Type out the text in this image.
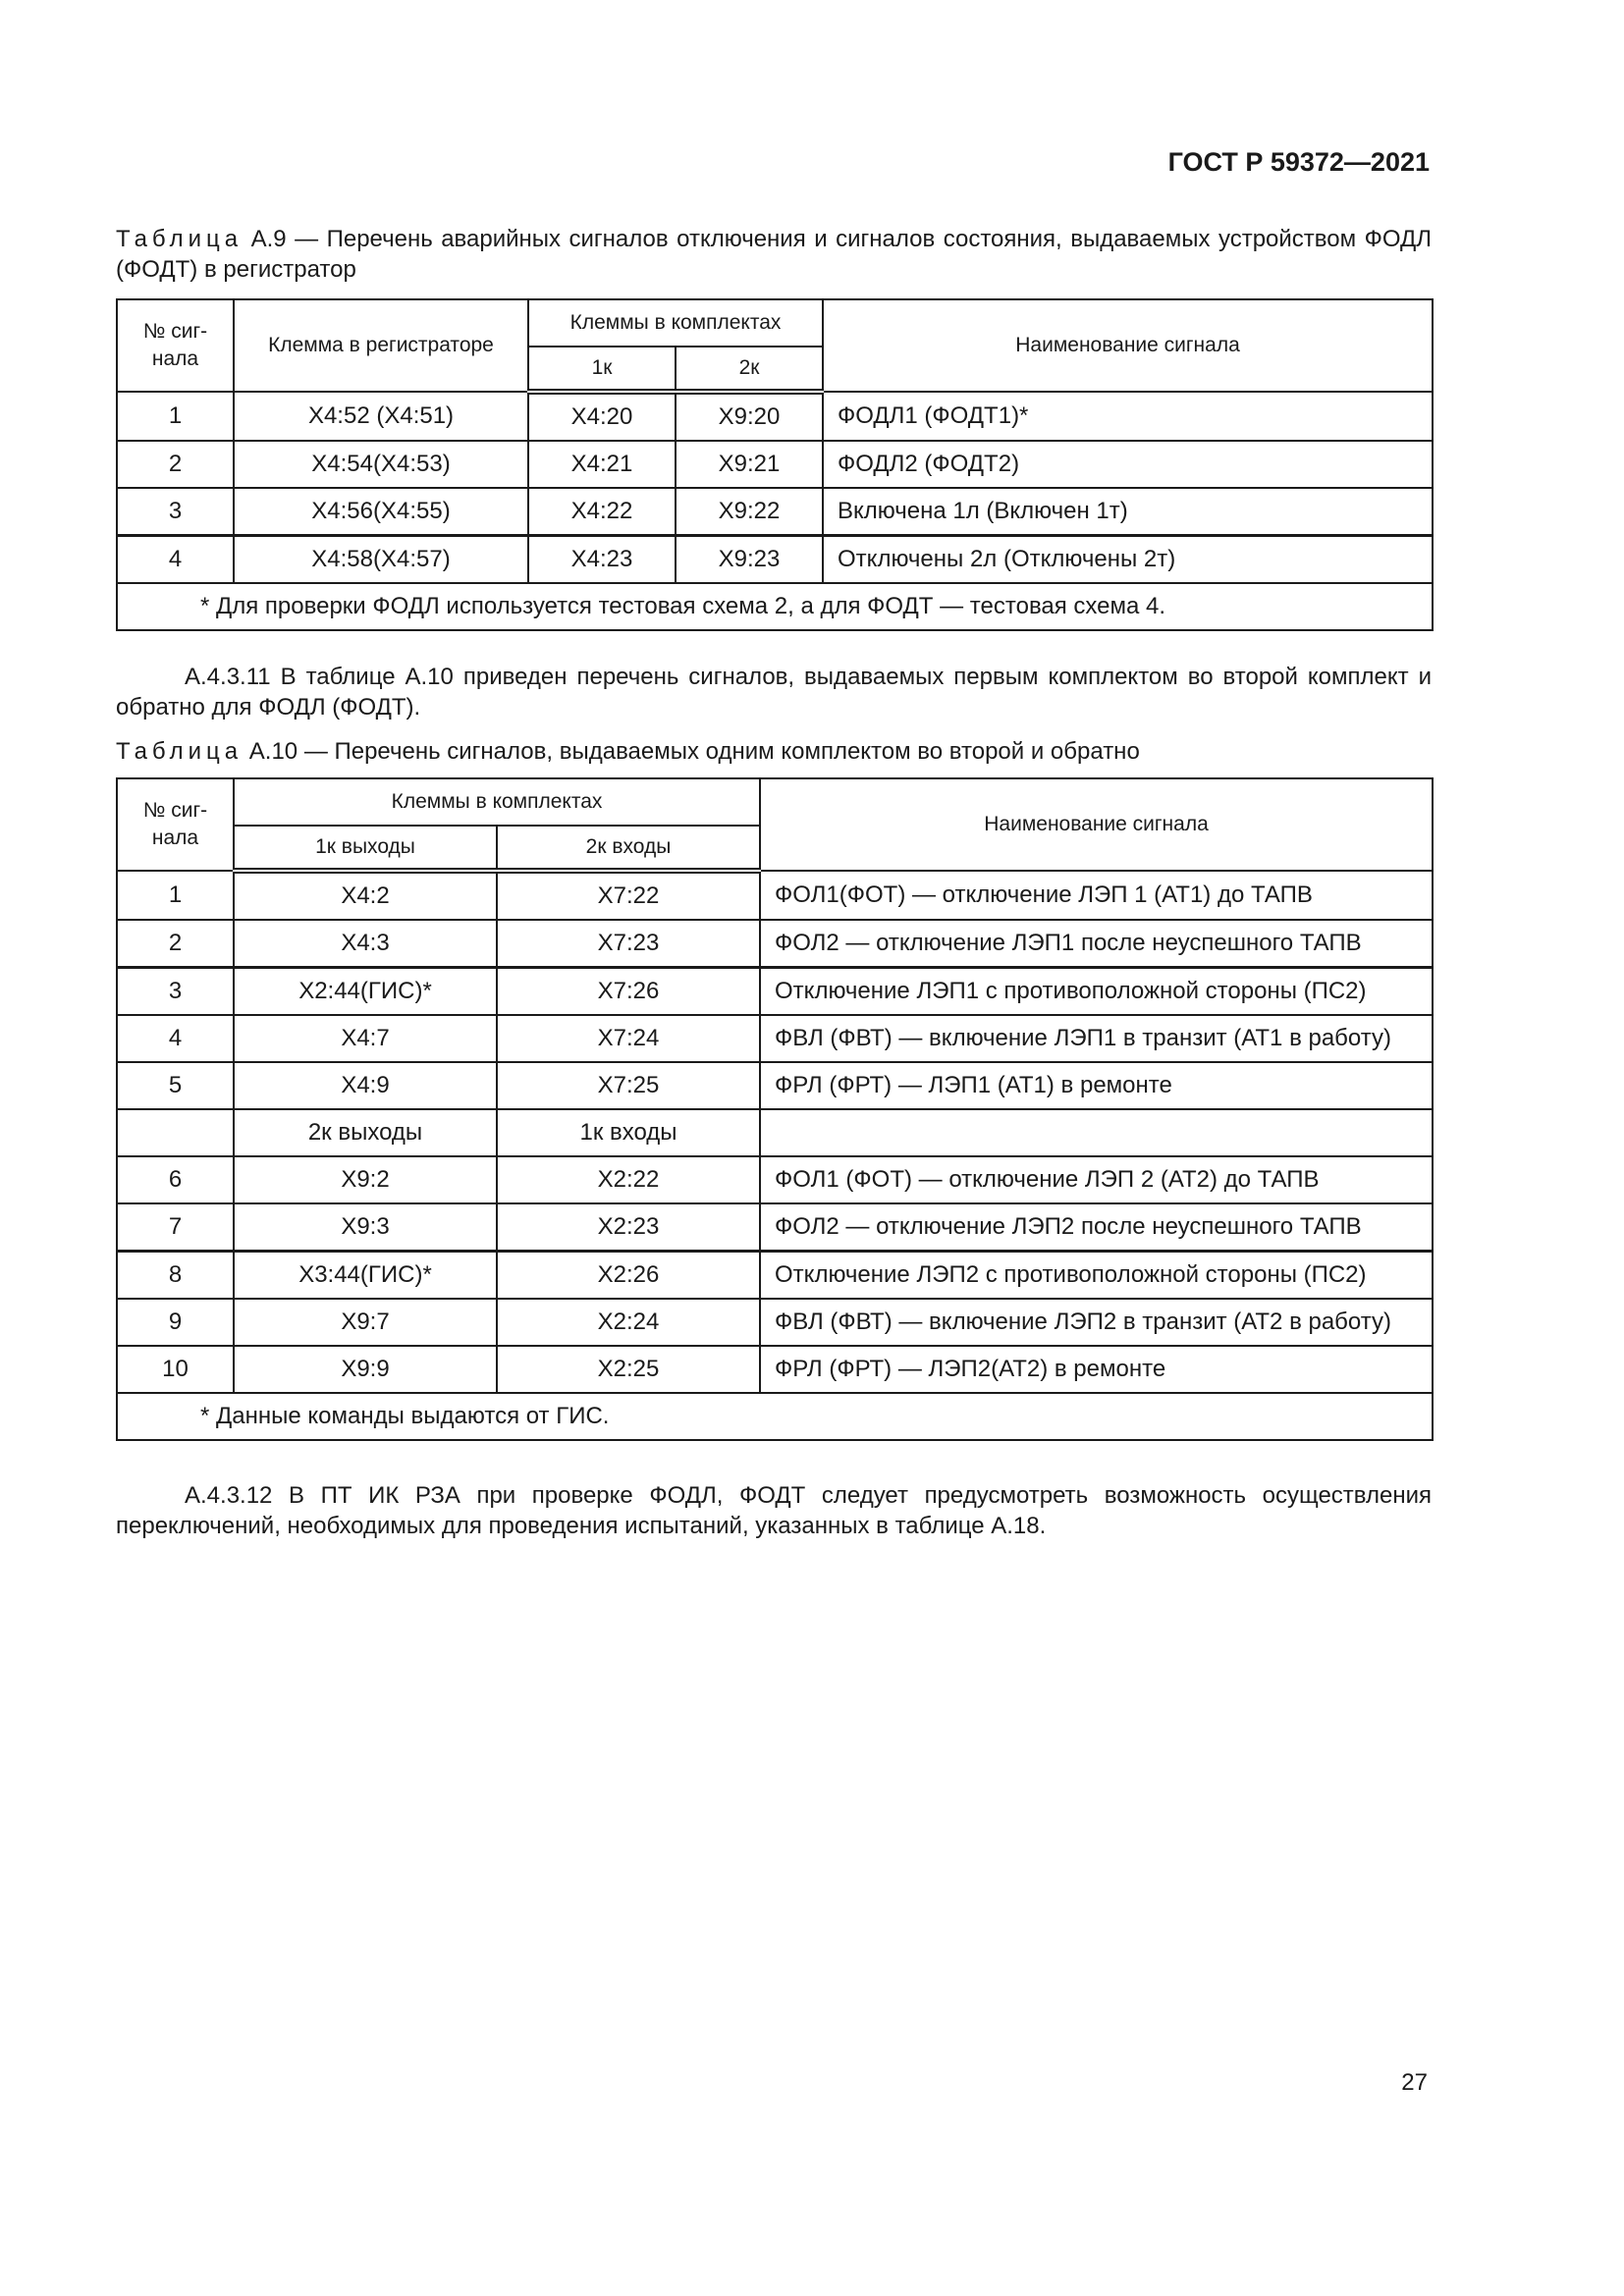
ГОСТ Р 59372—2021
Таблица А.9 — Перечень аварийных сигналов отключения и сигналов состояния, выдаваемых устройством ФОДЛ (ФОДТ) в регистратор
№ сиг-нала	Клемма в регистраторе	Клеммы в комплектах		Наименование сигнала
		1к	2к	
1	X4:52 (X4:51)	X4:20	X9:20	ФОДЛ1 (ФОДТ1)*
2	X4:54(X4:53)	X4:21	X9:21	ФОДЛ2 (ФОДТ2)
3	X4:56(X4:55)	X4:22	X9:22	Включена 1л (Включен 1т)
4	X4:58(X4:57)	X4:23	X9:23	Отключены 2л (Отключены 2т)
* Для проверки ФОДЛ используется тестовая схема 2, а для ФОДТ — тестовая схема 4.				
А.4.3.11 В таблице А.10 приведен перечень сигналов, выдаваемых первым комплектом во второй комплект и обратно для ФОДЛ (ФОДТ).
Таблица А.10 — Перечень сигналов, выдаваемых одним комплектом во второй и обратно
№ сиг-нала	Клеммы в комплектах		Наименование сигнала
	1к выходы	2к входы	
1	X4:2	X7:22	ФОЛ1(ФОТ) — отключение ЛЭП 1 (АТ1) до ТАПВ
2	X4:3	X7:23	ФОЛ2 — отключение ЛЭП1 после неуспешного ТАПВ
3	X2:44(ГИС)*	X7:26	Отключение ЛЭП1 с противоположной стороны (ПС2)
4	X4:7	X7:24	ФВЛ (ФВТ) — включение ЛЭП1 в транзит (АТ1 в работу)
5	X4:9	X7:25	ФРЛ (ФРТ) — ЛЭП1 (АТ1) в ремонте
	2к выходы	1к входы	
6	X9:2	X2:22	ФОЛ1 (ФОТ) — отключение ЛЭП 2 (АТ2) до ТАПВ
7	X9:3	X2:23	ФОЛ2 — отключение ЛЭП2 после неуспешного ТАПВ
8	X3:44(ГИС)*	X2:26	Отключение ЛЭП2 с противоположной стороны (ПС2)
9	X9:7	X2:24	ФВЛ (ФВТ) — включение ЛЭП2 в транзит (АТ2 в работу)
10	X9:9	X2:25	ФРЛ (ФРТ) — ЛЭП2(АТ2) в ремонте
* Данные команды выдаются от ГИС.			
А.4.3.12 В ПТ ИК РЗА при проверке ФОДЛ, ФОДТ следует предусмотреть возможность осуществления переключений, необходимых для проведения испытаний, указанных в таблице А.18.
27
